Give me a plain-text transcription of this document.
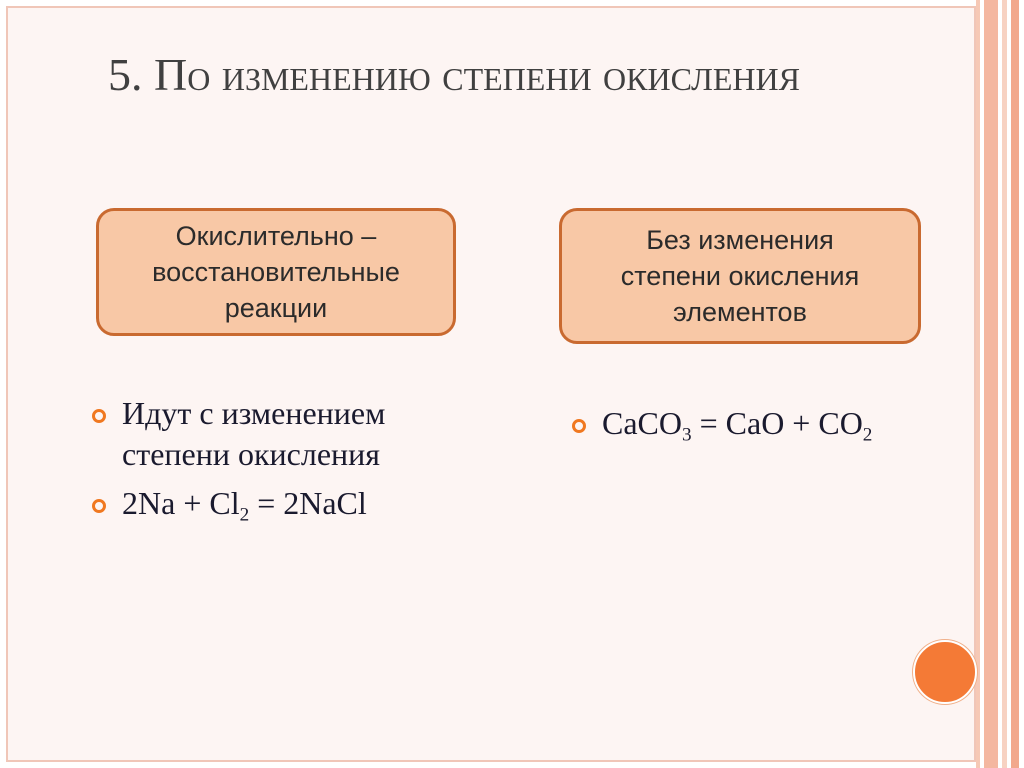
5. По изменению степени окисления
Окислительно –
восстановительные
реакции
Без изменения
степени окисления
элементов
Идут с изменением степени окисления
$2Na + Cl_2$ = 2NaCl
CaCO$_3$ = CaO + $CO_2$
